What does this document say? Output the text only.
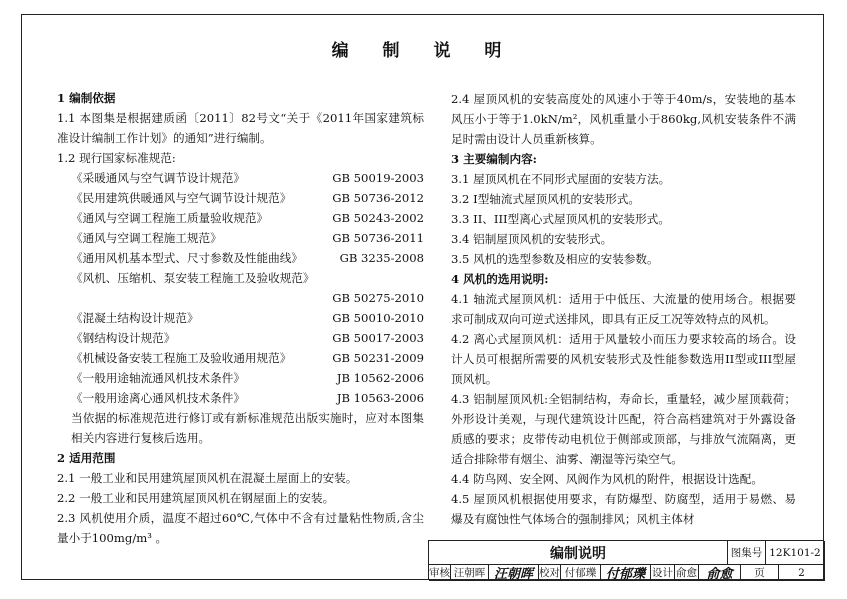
编 制 说 明
1 编制依据
1.1 本图集是根据建质函〔2011〕82号文“关于《2011年国家建筑标准设计编制工作计划》的通知”进行编制。
1.2 现行国家标准规范:
《采暖通风与空气调节设计规范》	GB 50019-2003
《民用建筑供暖通风与空气调节设计规范》	GB 50736-2012
《通风与空调工程施工质量验收规范》	GB 50243-2002
《通风与空调工程施工规范》	GB 50736-2011
《通用风机基本型式、尺寸参数及性能曲线》	GB 3235-2008
《风机、压缩机、泵安装工程施工及验收规范》
GB 50275-2010
《混凝土结构设计规范》	GB 50010-2010
《钢结构设计规范》	GB 50017-2003
《机械设备安装工程施工及验收通用规范》	GB 50231-2009
《一般用途轴流通风机技术条件》	JB 10562-2006
《一般用途离心通风机技术条件》	JB 10563-2006
当依据的标准规范进行修订或有新标准规范出版实施时，应对本图集相关内容进行复核后选用。
2 适用范围
2.1 一般工业和民用建筑屋顶风机在混凝土屋面上的安装。
2.2 一般工业和民用建筑屋顶风机在钢屋面上的安装。
2.3 风机使用介质，温度不超过60℃,气体中不含有过量粘性物质,含尘量小于100mg/m³ 。
2.4 屋顶风机的安装高度处的风速小于等于40m/s，安装地的基本风压小于等于1.0kN/m²，风机重量小于860kg,风机安装条件不满足时需由设计人员重新核算。
3 主要编制内容:
3.1 屋顶风机在不同形式屋面的安装方法。
3.2 I型轴流式屋顶风机的安装形式。
3.3 II、III型离心式屋顶风机的安装形式。
3.4 铝制屋顶风机的安装形式。
3.5 风机的选型参数及相应的安装参数。
4 风机的选用说明:
4.1 轴流式屋顶风机：适用于中低压、大流量的使用场合。根据要求可制成双向可逆式送排风，即具有正反工况等效特点的风机。
4.2 离心式屋顶风机：适用于风量较小而压力要求较高的场合。设计人员可根据所需要的风机安装形式及性能参数选用II型或III型屋顶风机。
4.3 铝制屋顶风机:全铝制结构，寿命长，重量轻，减少屋顶载荷；外形设计美观，与现代建筑设计匹配，符合高档建筑对于外露设备质感的要求；皮带传动电机位于侧部或顶部，与排放气流隔离，更适合排除带有烟尘、油雾、潮湿等污染空气。
4.4 防鸟网、安全网、风阀作为风机的附件，根据设计选配。
4.5 屋顶风机根据使用要求，有防爆型、防腐型，适用于易燃、易爆及有腐蚀性气体场合的强制排风；风机主体材
编制说明	图集号 12K101-2
审核 汪朝晖 汪朝晖 校对 付郁瓅 付郁瓅 设计 俞愈 俞愈	页	2
